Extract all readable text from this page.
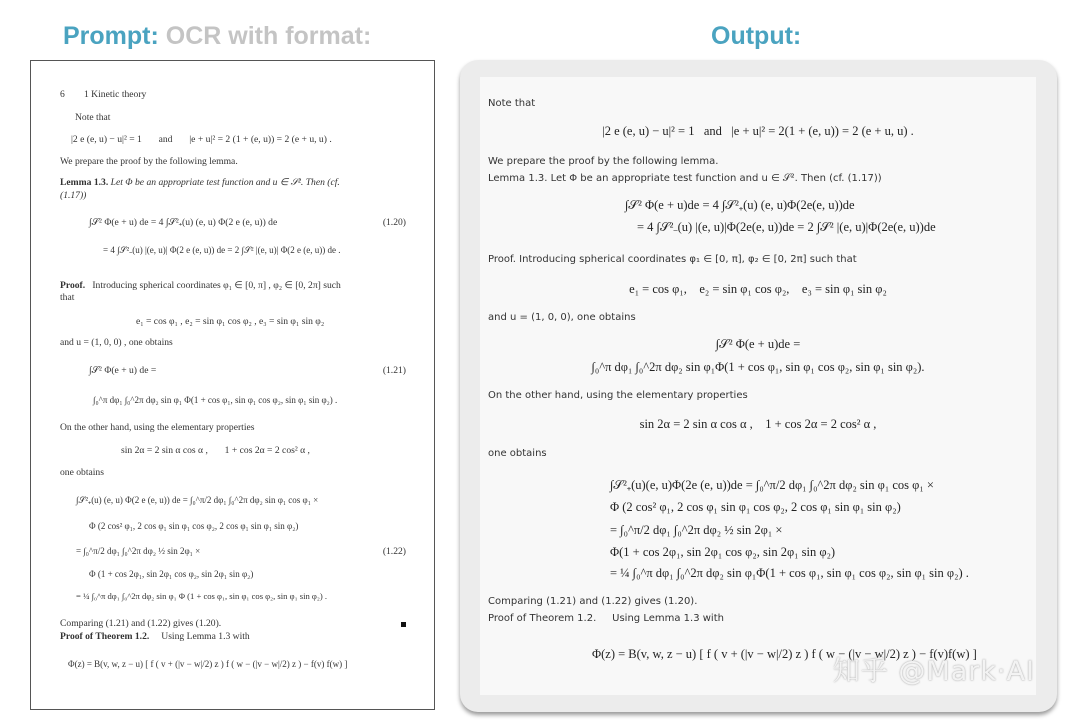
Prompt: OCR with format:	Output:
6        1 Kinetic theory
Note that
|2 e (e, u) − u|² = 1       and       |e + u|² = 2 (1 + (e, u)) = 2 (e + u, u) .
We prepare the proof by the following lemma.
Lemma 1.3. Let Φ be an appropriate test function and u ∈ 𝒮². Then (cf.
(1.17))
∫𝒮² Φ(e + u) de = 4 ∫𝒮²₊(u) (e, u) Φ(2 e (e, u)) de	(1.20)
= 4 ∫𝒮²₋(u) |(e, u)| Φ(2 e (e, u)) de = 2 ∫𝒮² |(e, u)| Φ(2 e (e, u)) de .
Proof. Introducing spherical coordinates φ₁ ∈ [0, π] , φ₂ ∈ [0, 2π] such
that
e₁ = cos φ₁ , e₂ = sin φ₁ cos φ₂ , e₃ = sin φ₁ sin φ₂
and u = (1, 0, 0) , one obtains
∫𝒮² Φ(e + u) de =	(1.21)
∫₀^π dφ₁ ∫₀^2π dφ₂ sin φ₁ Φ(1 + cos φ₁, sin φ₁ cos φ₂, sin φ₁ sin φ₂) .
On the other hand, using the elementary properties
sin 2α = 2 sin α cos α ,       1 + cos 2α = 2 cos² α ,
one obtains
∫𝒮²₊(u) (e, u) Φ(2 e (e, u)) de = ∫₀^π/2 dφ₁ ∫₀^2π dφ₂ sin φ₁ cos φ₁ ×
Φ (2 cos² φ₁, 2 cos φ₁ sin φ₁ cos φ₂, 2 cos φ₁ sin φ₁ sin φ₂)
= ∫₀^π/2 dφ₁ ∫₀^2π dφ₂ ½ sin 2φ₁ ×	(1.22)
Φ (1 + cos 2φ₁, sin 2φ₁ cos φ₂, sin 2φ₁ sin φ₂)
= ¼ ∫₀^π dφ₁ ∫₀^2π dφ₂ sin φ₁ Φ (1 + cos φ₁, sin φ₁ cos φ₂, sin φ₁ sin φ₂) .
Comparing (1.21) and (1.22) gives (1.20).
Proof of Theorem 1.2. Using Lemma 1.3 with
Φ(z) = B(v, w, z − u) [ f ( v + (|v − w|/2) z ) f ( w − (|v − w|/2) z ) − f(v) f(w) ]
Note that
|2 e (e, u) − u|² = 1   and   |e + u|² = 2(1 + (e, u)) = 2 (e + u, u) .
We prepare the proof by the following lemma.
Lemma 1.3. Let Φ be an appropriate test function and u ∈ 𝒮². Then (cf. (1.17))
∫𝒮² Φ(e + u)de = 4 ∫𝒮²₊(u) (e, u)Φ(2e(e, u))de
= 4 ∫𝒮²₋(u) |(e, u)|Φ(2e(e, u))de = 2 ∫𝒮² |(e, u)|Φ(2e(e, u))de
Proof. Introducing spherical coordinates φ₁ ∈ [0, π], φ₂ ∈ [0, 2π] such that
e₁ = cos φ₁,    e₂ = sin φ₁ cos φ₂,    e₃ = sin φ₁ sin φ₂
and u = (1, 0, 0), one obtains
∫𝒮² Φ(e + u)de =
∫₀^π dφ₁ ∫₀^2π dφ₂ sin φ₁Φ(1 + cos φ₁, sin φ₁ cos φ₂, sin φ₁ sin φ₂).
On the other hand, using the elementary properties
sin 2α = 2 sin α cos α ,    1 + cos 2α = 2 cos² α ,
one obtains
∫𝒮²₊(u)(e, u)Φ(2e (e, u))de = ∫₀^π/2 dφ₁ ∫₀^2π dφ₂ sin φ₁ cos φ₁ ×
Φ (2 cos² φ₁, 2 cos φ₁ sin φ₁ cos φ₂, 2 cos φ₁ sin φ₁ sin φ₂)
= ∫₀^π/2 dφ₁ ∫₀^2π dφ₂ ½ sin 2φ₁ ×
Φ(1 + cos 2φ₁, sin 2φ₁ cos φ₂, sin 2φ₁ sin φ₂)
= ¼ ∫₀^π dφ₁ ∫₀^2π dφ₂ sin φ₁Φ(1 + cos φ₁, sin φ₁ cos φ₂, sin φ₁ sin φ₂) .
Comparing (1.21) and (1.22) gives (1.20).
Proof of Theorem 1.2.     Using Lemma 1.3 with
Φ(z) = B(v, w, z − u) [ f ( v + (|v − w|/2) z ) f ( w − (|v − w|/2) z ) − f(v)f(w) ]
知乎 @Mark·AI
